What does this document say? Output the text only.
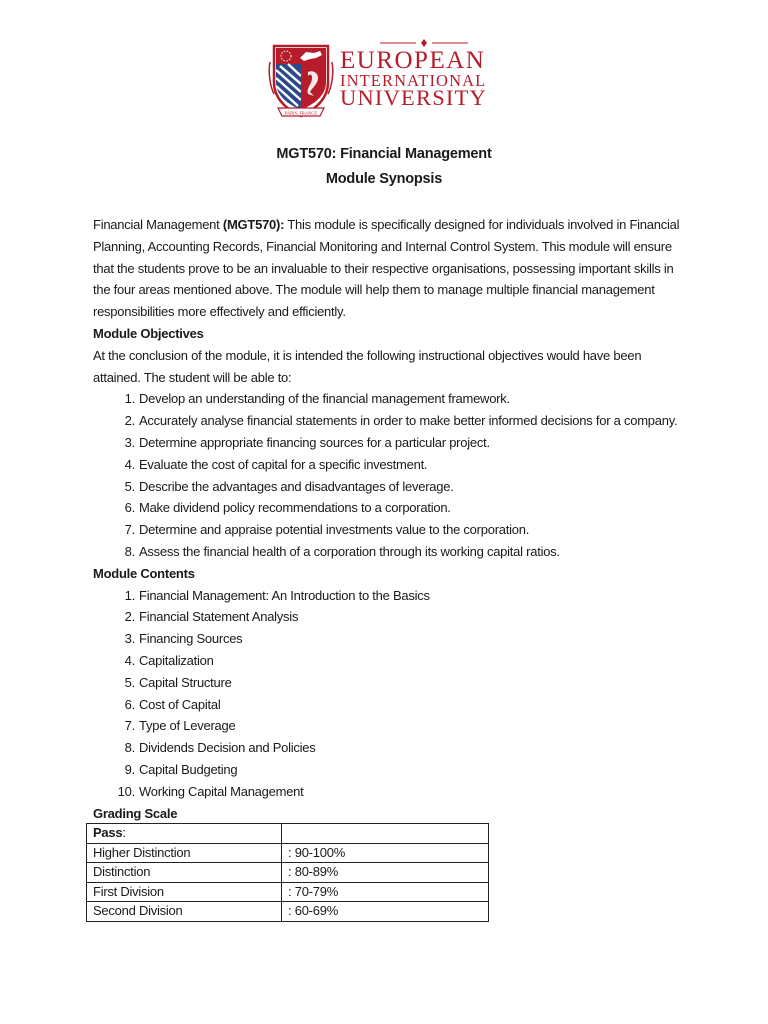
PARIS, FRANCE
EUROPEAN
INTERNATIONAL
UNIVERSITY
MGT570: Financial Management
Module Synopsis

Financial Management (MGT570): This module is specifically designed for individuals involved in Financial
Planning, Accounting Records, Financial Monitoring and Internal Control System. This module will ensure
that the students prove to be an invaluable to their respective organisations, possessing important skills in
the four areas mentioned above. The module will help them to manage multiple financial management
responsibilities more effectively and efficiently.

Module Objectives

At the conclusion of the module, it is intended the following instructional objectives would have been
attained. The student will be able to:

1. Develop an understanding of the financial management framework.
2. Accurately analyse financial statements in order to make better informed decisions for a company.
3. Determine appropriate financing sources for a particular project.
4. Evaluate the cost of capital for a specific investment.
5. Describe the advantages and disadvantages of leverage.
6. Make dividend policy recommendations to a corporation.
7. Determine and appraise potential investments value to the corporation.
8. Assess the financial health of a corporation through its working capital ratios.

Module Contents

1. Financial Management: An Introduction to the Basics
2. Financial Statement Analysis
3. Financing Sources
4. Capitalization
5. Capital Structure
6. Cost of Capital
7. Type of Leverage
8. Dividends Decision and Policies
9. Capital Budgeting
10. Working Capital Management

Grading Scale

Pass:	
Higher Distinction	: 90-100%
Distinction	: 80-89%
First Division	: 70-79%
Second Division	: 60-69%
